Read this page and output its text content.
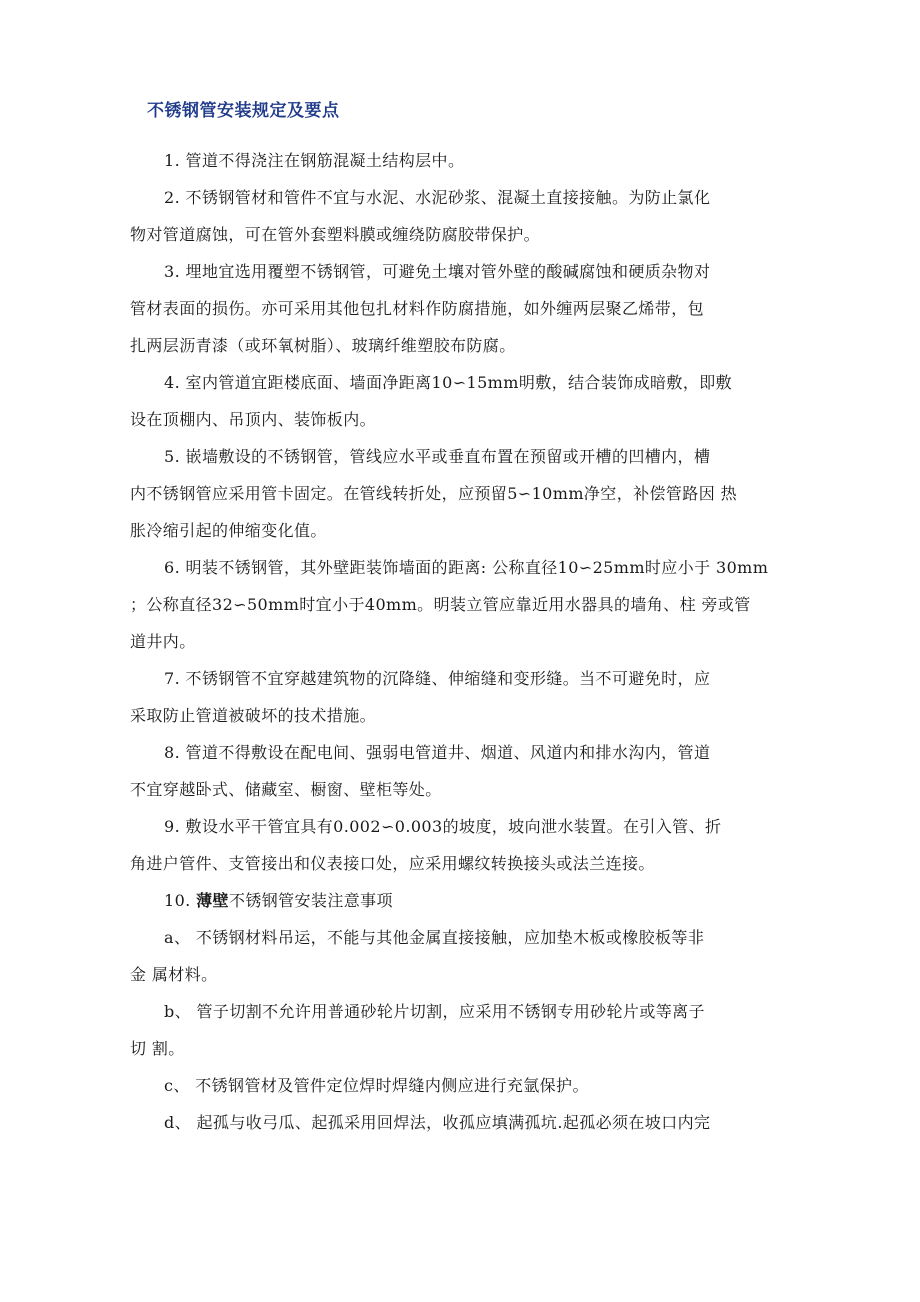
不锈钢管安装规定及要点
1. 管道不得浇注在钢筋混凝土结构层中。
2. 不锈钢管材和管件不宜与水泥、水泥砂浆、混凝土直接接触。为防止氯化
物对管道腐蚀，可在管外套塑料膜或缠绕防腐胶带保护。
3. 埋地宜选用覆塑不锈钢管，可避免土壤对管外壁的酸碱腐蚀和硬质杂物对
管材表面的损伤。亦可采用其他包扎材料作防腐措施，如外缠两层聚乙烯带，包
扎两层沥青漆（或环氧树脂）、玻璃纤维塑胶布防腐。
4. 室内管道宜距楼底面、墙面净距离10∽15mm明敷，结合装饰成暗敷，即敷
设在顶棚内、吊顶内、装饰板内。
5. 嵌墙敷设的不锈钢管，管线应水平或垂直布置在预留或开槽的凹槽内，槽
内不锈钢管应采用管卡固定。在管线转折处，应预留5∽10mm净空，补偿管路因 热
胀冷缩引起的伸缩变化值。
6. 明装不锈钢管，其外壁距装饰墙面的距离: 公称直径10∽25mm时应小于 30mm
；公称直径32∽50mm时宜小于40mm。明装立管应靠近用水器具的墙角、柱 旁或管
道井内。
7. 不锈钢管不宜穿越建筑物的沉降缝、伸缩缝和变形缝。当不可避免时，应
采取防止管道被破坏的技术措施。
8. 管道不得敷设在配电间、强弱电管道井、烟道、风道内和排水沟内，管道
不宜穿越卧式、储藏室、橱窗、壁柜等处。
9. 敷设水平干管宜具有0.002∽0.003的坡度，坡向泄水装置。在引入管、折
角进户管件、支管接出和仪表接口处，应采用螺纹转换接头或法兰连接。
10. 薄壁不锈钢管安装注意事项
a、 不锈钢材料吊运，不能与其他金属直接接触，应加垫木板或橡胶板等非
金 属材料。
b、 管子切割不允许用普通砂轮片切割，应采用不锈钢专用砂轮片或等离子
切 割。
c、 不锈钢管材及管件定位焊时焊缝内侧应进行充氩保护。
d、 起孤与收弓瓜、起孤采用回焊法，收孤应填满孤坑.起孤必须在坡口内完
